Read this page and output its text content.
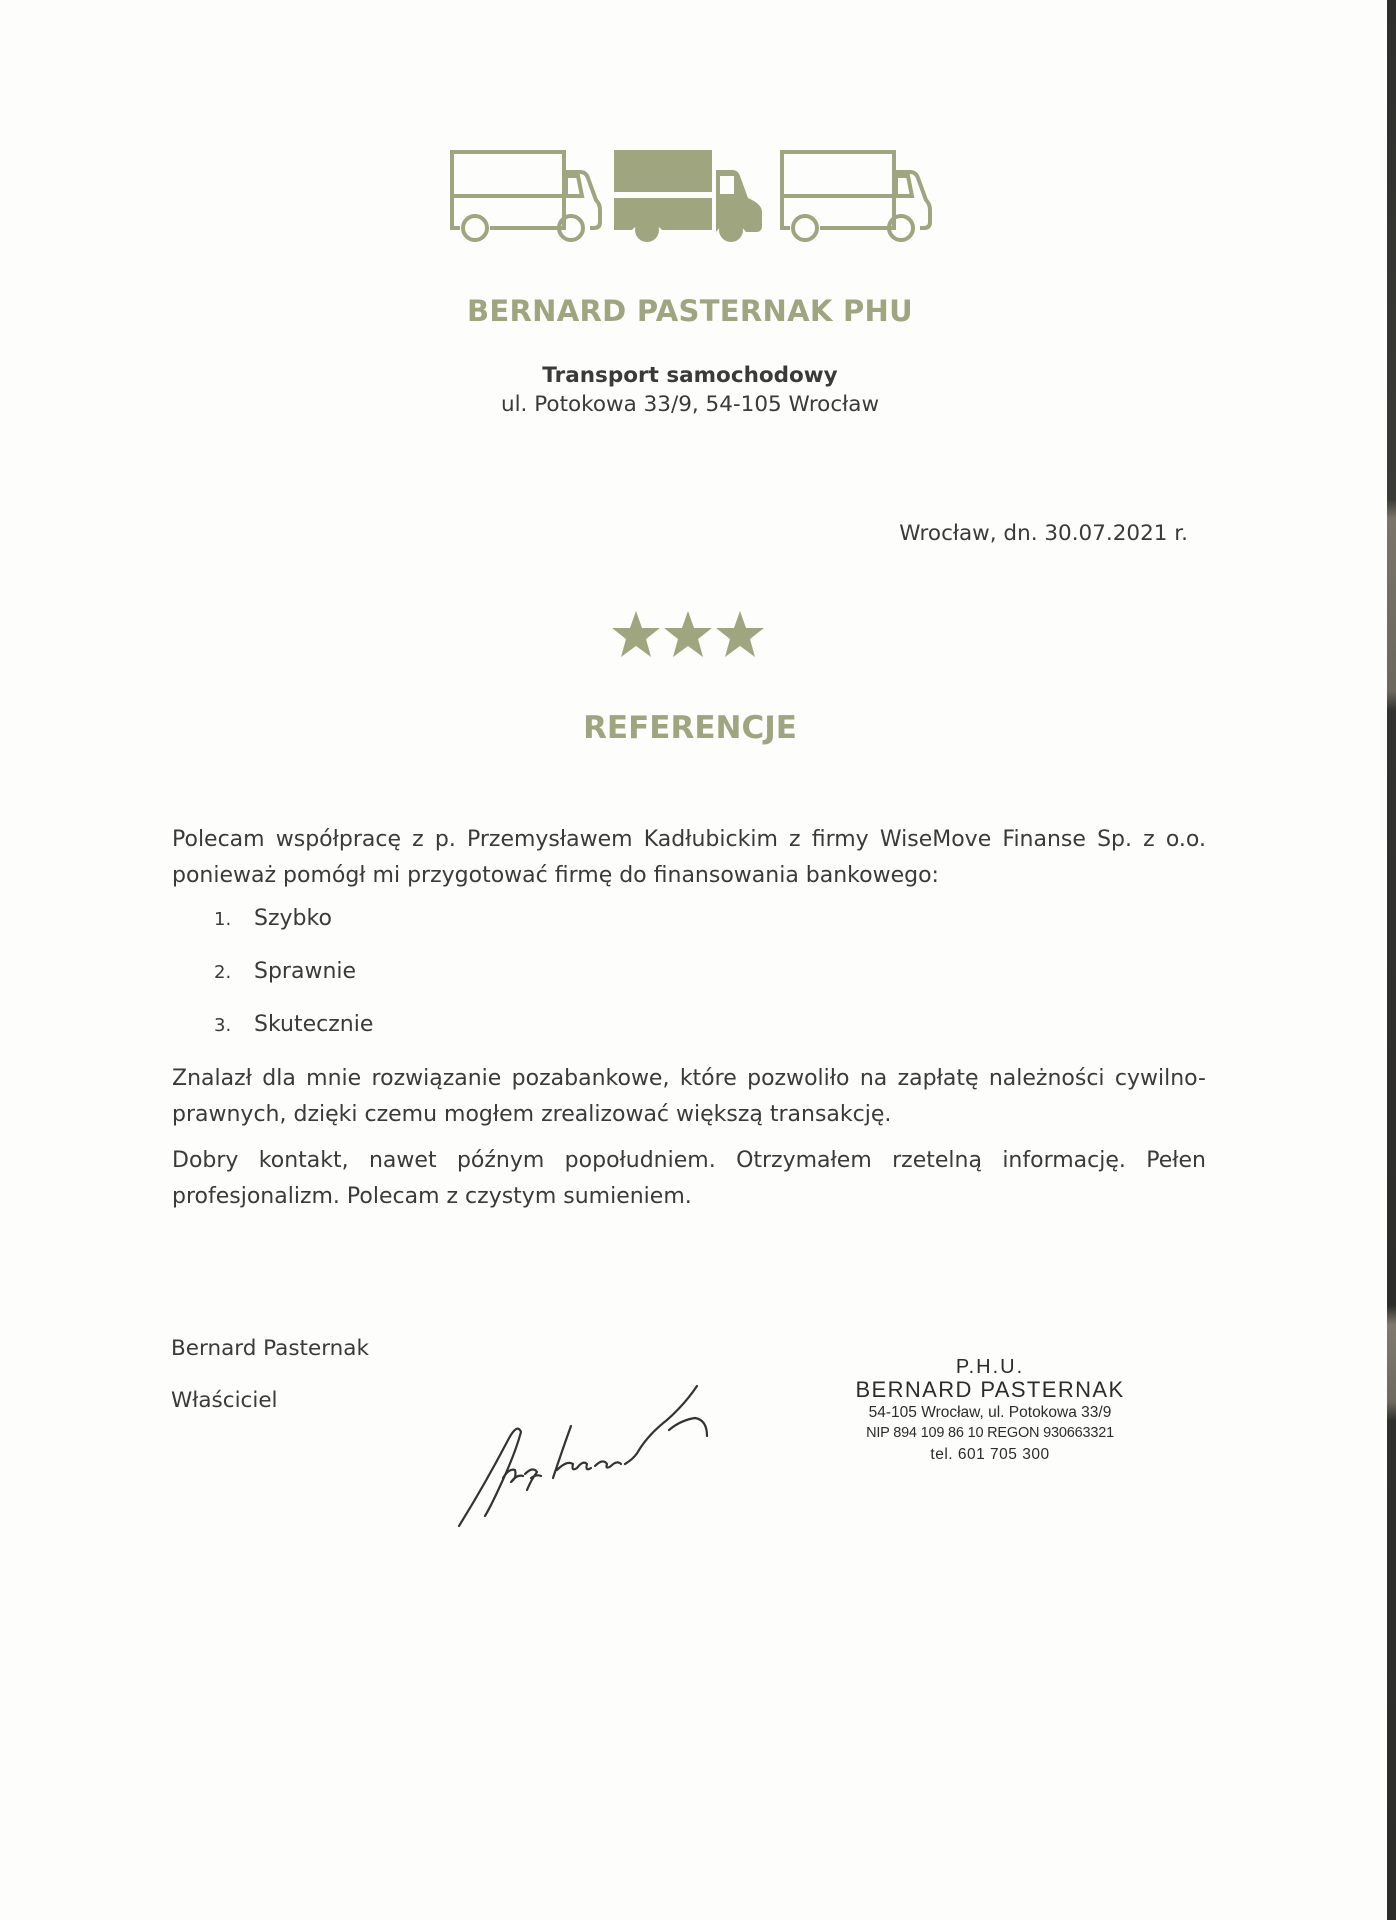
BERNARD PASTERNAK PHU
Transport samochodowy
ul. Potokowa 33/9, 54-105 Wrocław
Wrocław, dn. 30.07.2021 r.
REFERENCJE
Polecam współpracę z p. Przemysławem Kadłubickim z firmy WiseMove Finanse Sp. z o.o. ponieważ pomógł mi przygotować firmę do finansowania bankowego:
1.	Szybko
2.	Sprawnie
3.	Skutecznie
Znalazł dla mnie rozwiązanie pozabankowe, które pozwoliło na zapłatę należności cywilno-prawnych, dzięki czemu mogłem zrealizować większą transakcję.
Dobry kontakt, nawet późnym popołudniem. Otrzymałem rzetelną informację. Pełen profesjonalizm. Polecam z czystym sumieniem.
Bernard Pasternak
Właściciel
P.H.U.
BERNARD PASTERNAK
54-105 Wrocław, ul. Potokowa 33/9
NIP 894 109 86 10 REGON 930663321
tel. 601 705 300
